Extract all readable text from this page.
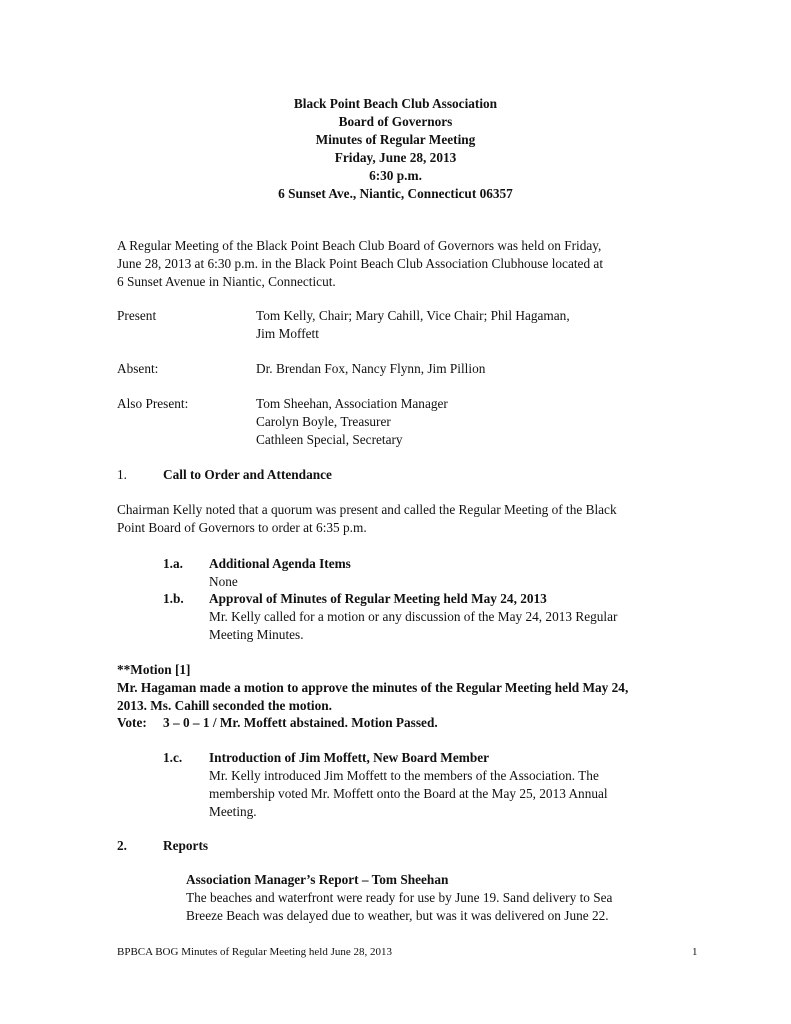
Black Point Beach Club Association
Board of Governors
Minutes of Regular Meeting
Friday, June 28, 2013
6:30 p.m.
6 Sunset Ave., Niantic, Connecticut 06357
A Regular Meeting of the Black Point Beach Club Board of Governors was held on Friday,
June 28, 2013 at 6:30 p.m. in the Black Point Beach Club Association Clubhouse located at
6 Sunset Avenue in Niantic, Connecticut.
Present	Tom Kelly, Chair; Mary Cahill, Vice Chair; Phil Hagaman,
Jim Moffett
Absent:	Dr. Brendan Fox, Nancy Flynn, Jim Pillion
Also Present:	Tom Sheehan, Association Manager
Carolyn Boyle, Treasurer
Cathleen Special, Secretary
1.	Call to Order and Attendance
Chairman Kelly noted that a quorum was present and called the Regular Meeting of the Black
Point Board of Governors to order at 6:35 p.m.
1.a. Additional Agenda Items
None
1.b. Approval of Minutes of Regular Meeting held May 24, 2013
Mr. Kelly called for a motion or any discussion of the May 24, 2013 Regular
Meeting Minutes.
**Motion [1]
Mr. Hagaman made a motion to approve the minutes of the Regular Meeting held May 24,
2013. Ms. Cahill seconded the motion.
Vote: 3 – 0 – 1 / Mr. Moffett abstained. Motion Passed.
1.c. Introduction of Jim Moffett, New Board Member
Mr. Kelly introduced Jim Moffett to the members of the Association. The
membership voted Mr. Moffett onto the Board at the May 25, 2013 Annual
Meeting.
2.	Reports
Association Manager’s Report – Tom Sheehan
The beaches and waterfront were ready for use by June 19. Sand delivery to Sea
Breeze Beach was delayed due to weather, but was it was delivered on June 22.
BPBCA BOG Minutes of Regular Meeting held June 28, 2013	1
